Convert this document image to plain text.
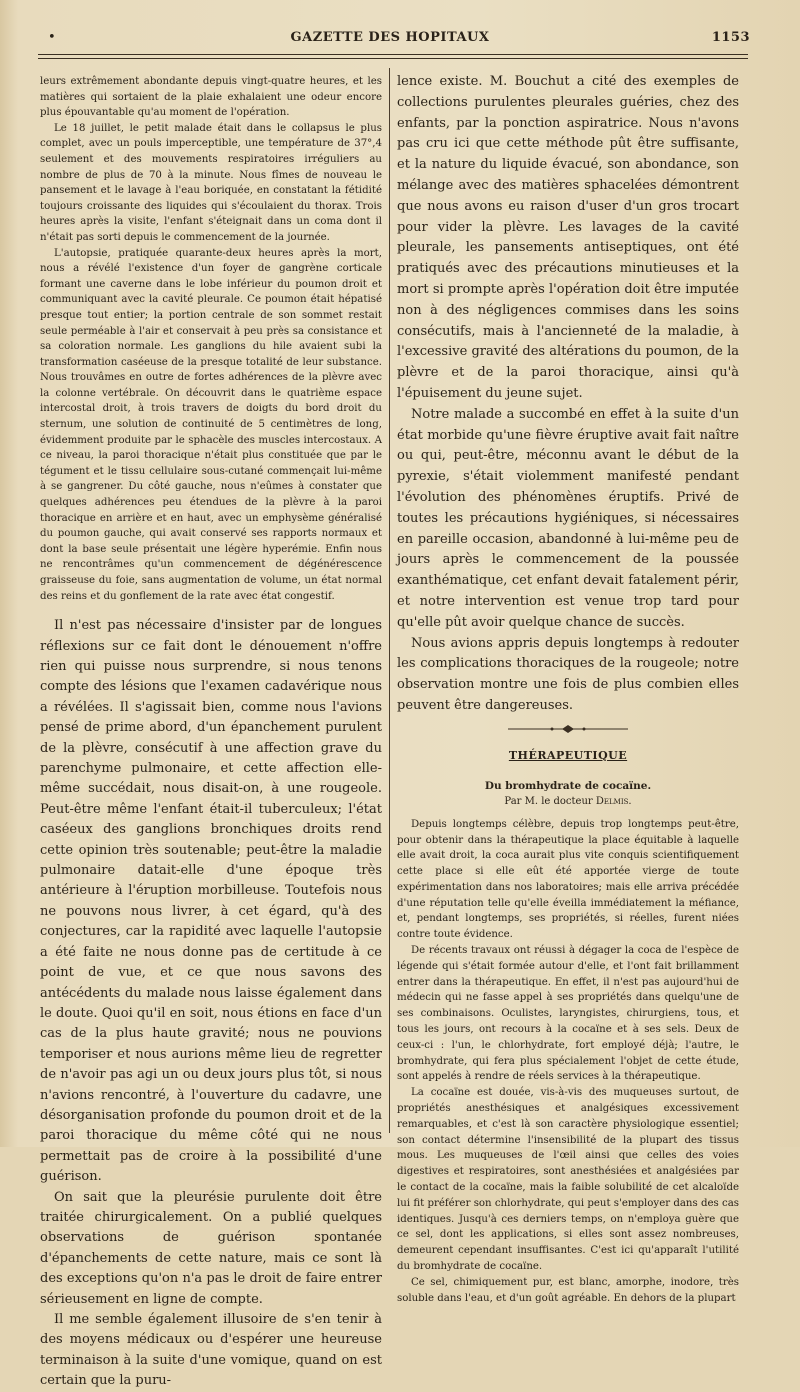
•	GAZETTE DES HOPITAUX	1153

leurs extrêmement abondante depuis vingt-quatre heures, et les matières qui sortaient de la plaie exhalaient une odeur encore plus épouvantable qu'au moment de l'opération.

Le 18 juillet, le petit malade était dans le collapsus le plus complet, avec un pouls imperceptible, une température de 37°,4 seulement et des mouvements respiratoires irréguliers au nombre de plus de 70 à la minute. Nous fîmes de nouveau le pansement et le lavage à l'eau boriquée, en constatant la fétidité toujours croissante des liquides qui s'écoulaient du thorax. Trois heures après la visite, l'enfant s'éteignait dans un coma dont il n'était pas sorti depuis le commencement de la journée.

L'autopsie, pratiquée quarante-deux heures après la mort, nous a révélé l'existence d'un foyer de gangrène corticale formant une caverne dans le lobe inférieur du poumon droit et communiquant avec la cavité pleurale. Ce poumon était hépatisé presque tout entier; la portion centrale de son sommet restait seule perméable à l'air et conservait à peu près sa consistance et sa coloration normale. Les ganglions du hile avaient subi la transformation caséeuse de la presque totalité de leur substance. Nous trouvâmes en outre de fortes adhérences de la plèvre avec la colonne vertébrale. On découvrit dans le quatrième espace intercostal droit, à trois travers de doigts du bord droit du sternum, une solution de continuité de 5 centimètres de long, évidemment produite par le sphacèle des muscles intercostaux. A ce niveau, la paroi thoracique n'était plus constituée que par le tégument et le tissu cellulaire sous-cutané commençait lui-même à se gangrener. Du côté gauche, nous n'eûmes à constater que quelques adhérences peu étendues de la plèvre à la paroi thoracique en arrière et en haut, avec un emphysème généralisé du poumon gauche, qui avait conservé ses rapports normaux et dont la base seule présentait une légère hyperémie. Enfin nous ne rencontrâmes qu'un commencement de dégénérescence graisseuse du foie, sans augmentation de volume, un état normal des reins et du gonflement de la rate avec état congestif.

Il n'est pas nécessaire d'insister par de longues réflexions sur ce fait dont le dénouement n'offre rien qui puisse nous surprendre, si nous tenons compte des lésions que l'examen cadavérique nous a révélées. Il s'agissait bien, comme nous l'avions pensé de prime abord, d'un épanchement purulent de la plèvre, consécutif à une affection grave du parenchyme pulmonaire, et cette affection elle-même succédait, nous disait-on, à une rougeole. Peut-être même l'enfant était-il tuberculeux; l'état caséeux des ganglions bronchiques droits rend cette opinion très soutenable; peut-être la maladie pulmonaire datait-elle d'une époque très antérieure à l'éruption morbilleuse. Toutefois nous ne pouvons nous livrer, à cet égard, qu'à des conjectures, car la rapidité avec laquelle l'autopsie a été faite ne nous donne pas de certitude à ce point de vue, et ce que nous savons des antécédents du malade nous laisse également dans le doute. Quoi qu'il en soit, nous étions en face d'un cas de la plus haute gravité; nous ne pouvions temporiser et nous aurions même lieu de regretter de n'avoir pas agi un ou deux jours plus tôt, si nous n'avions rencontré, à l'ouverture du cadavre, une désorganisation profonde du poumon droit et de la paroi thoracique du même côté qui ne nous permettait pas de croire à la possibilité d'une guérison.

On sait que la pleurésie purulente doit être traitée chirurgicalement. On a publié quelques observations de guérison spontanée d'épanchements de cette nature, mais ce sont là des exceptions qu'on n'a pas le droit de faire entrer sérieusement en ligne de compte.

Il me semble également illusoire de s'en tenir à des moyens médicaux ou d'espérer une heureuse terminaison à la suite d'une vomique, quand on est certain que la puru-

lence existe. M. Bouchut a cité des exemples de collections purulentes pleurales guéries, chez des enfants, par la ponction aspiratrice. Nous n'avons pas cru ici que cette méthode pût être suffisante, et la nature du liquide évacué, son abondance, son mélange avec des matières sphacelées démontrent que nous avons eu raison d'user d'un gros trocart pour vider la plèvre. Les lavages de la cavité pleurale, les pansements antiseptiques, ont été pratiqués avec des précautions minutieuses et la mort si prompte après l'opération doit être imputée non à des négligences commises dans les soins consécutifs, mais à l'ancienneté de la maladie, à l'excessive gravité des altérations du poumon, de la plèvre et de la paroi thoracique, ainsi qu'à l'épuisement du jeune sujet.

Notre malade a succombé en effet à la suite d'un état morbide qu'une fièvre éruptive avait fait naître ou qui, peut-être, méconnu avant le début de la pyrexie, s'était violemment manifesté pendant l'évolution des phénomènes éruptifs. Privé de toutes les précautions hygiéniques, si nécessaires en pareille occasion, abandonné à lui-même peu de jours après le commencement de la poussée exanthématique, cet enfant devait fatalement périr, et notre intervention est venue trop tard pour qu'elle pût avoir quelque chance de succès.

Nous avions appris depuis longtemps à redouter les complications thoraciques de la rougeole; notre observation montre une fois de plus combien elles peuvent être dangereuses.

THÉRAPEUTIQUE
Du bromhydrate de cocaïne.
Par M. le docteur Delmis.

Depuis longtemps célèbre, depuis trop longtemps peut-être, pour obtenir dans la thérapeutique la place équitable à laquelle elle avait droit, la coca aurait plus vite conquis scientifiquement cette place si elle eût été apportée vierge de toute expérimentation dans nos laboratoires; mais elle arriva précédée d'une réputation telle qu'elle éveilla immédiatement la méfiance, et, pendant longtemps, ses propriétés, si réelles, furent niées contre toute évidence.

De récents travaux ont réussi à dégager la coca de l'espèce de légende qui s'était formée autour d'elle, et l'ont fait brillamment entrer dans la thérapeutique. En effet, il n'est pas aujourd'hui de médecin qui ne fasse appel à ses propriétés dans quelqu'une de ses combinaisons. Oculistes, laryngistes, chirurgiens, tous, et tous les jours, ont recours à la cocaïne et à ses sels. Deux de ceux-ci : l'un, le chlorhydrate, fort employé déjà; l'autre, le bromhydrate, qui fera plus spécialement l'objet de cette étude, sont appelés à rendre de réels services à la thérapeutique.

La cocaïne est douée, vis-à-vis des muqueuses surtout, de propriétés anesthésiques et analgésiques excessivement remarquables, et c'est là son caractère physiologique essentiel; son contact détermine l'insensibilité de la plupart des tissus mous. Les muqueuses de l'œil ainsi que celles des voies digestives et respiratoires, sont anesthésiées et analgésiées par le contact de la cocaïne, mais la faible solubilité de cet alcaloïde lui fit préférer son chlorhydrate, qui peut s'employer dans des cas identiques. Jusqu'à ces derniers temps, on n'employa guère que ce sel, dont les applications, si elles sont assez nombreuses, demeurent cependant insuffisantes. C'est ici qu'apparaît l'utilité du bromhydrate de cocaïne.

Ce sel, chimiquement pur, est blanc, amorphe, inodore, très soluble dans l'eau, et d'un goût agréable. En dehors de la plupart
